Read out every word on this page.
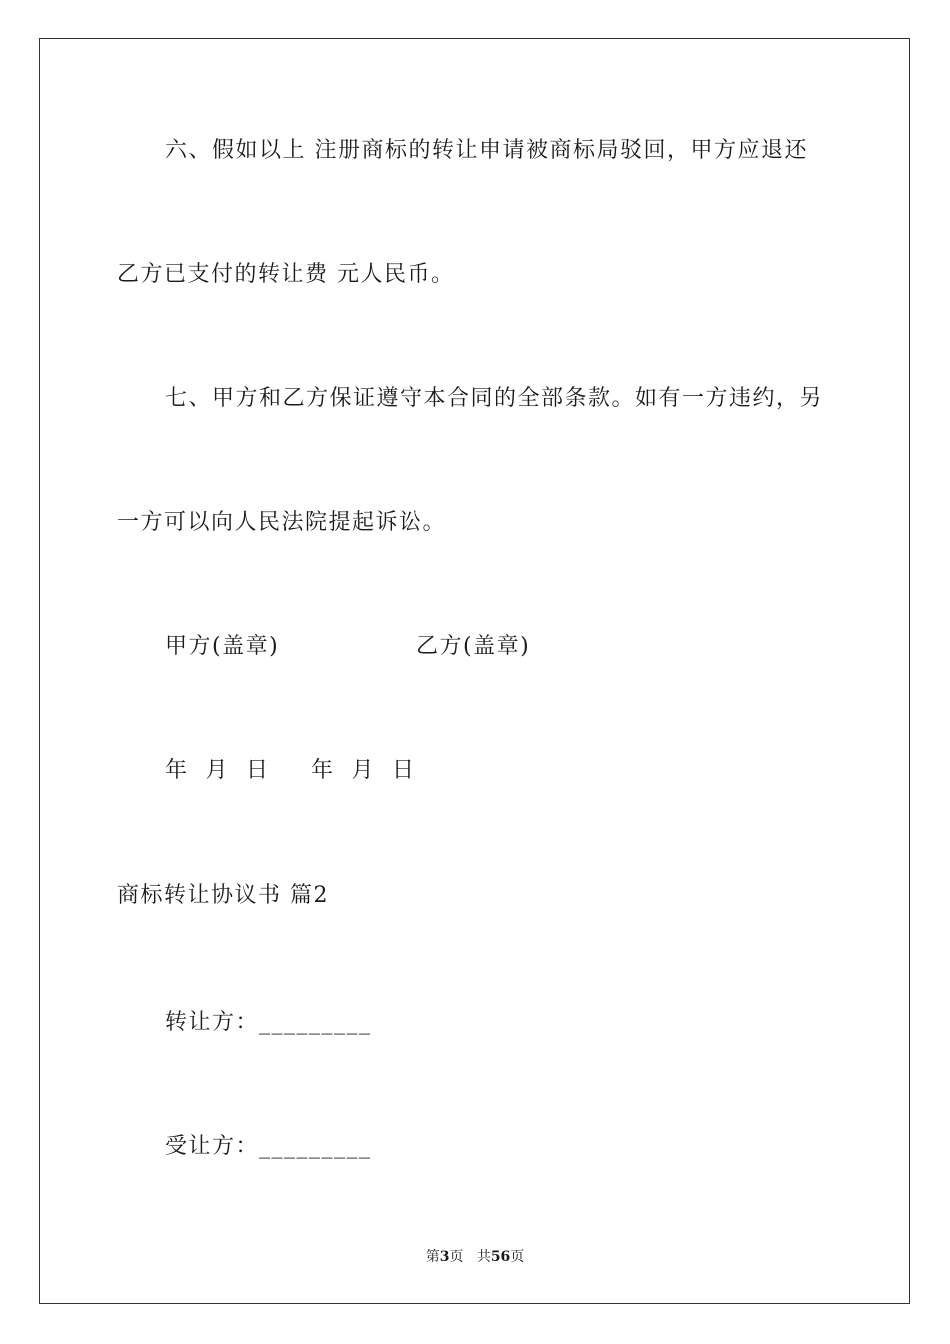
六、假如以上 注册商标的转让申请被商标局驳回，甲方应退还
乙方已支付的转让费 元人民币。
七、甲方和乙方保证遵守本合同的全部条款。如有一方违约，另
一方可以向人民法院提起诉讼。
甲方(盖章)	乙方(盖章)
年  月  日 年  月  日
商标转让协议书 篇2
转让方：_________
受让方：_________
第3页 共56页
